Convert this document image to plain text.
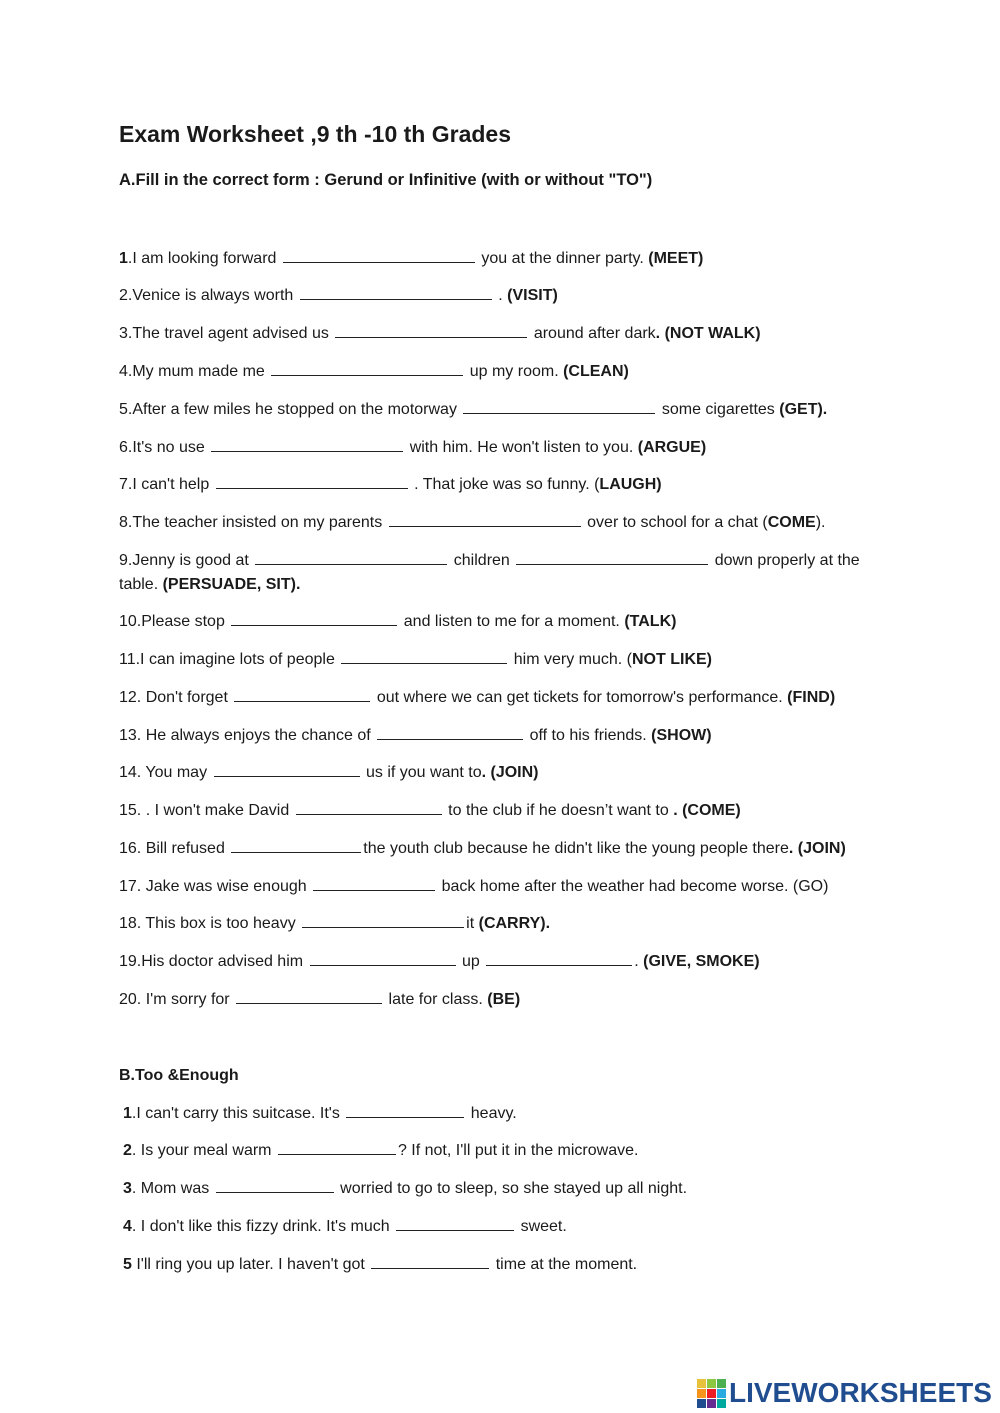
Exam Worksheet ,9 th -10 th Grades
A.Fill in the correct form : Gerund or Infinitive (with or without "TO")
1.I am looking forward	you at the dinner party. (MEET)
2.Venice is always worth	. (VISIT)
3.The travel agent advised us	around after dark. (NOT WALK)
4.My mum made me	up my room. (CLEAN)
5.After a few miles he stopped on the motorway	some cigarettes (GET).
6.It's no use	with him. He won't listen to you. (ARGUE)
7.I can't help	. That joke was so funny. (LAUGH)
8.The teacher insisted on my parents	over to school for a chat (COME).
9.Jenny is good at	children	down properly at the table. (PERSUADE, SIT).
10.Please stop	and listen to me for a moment. (TALK)
11.I can imagine lots of people	him very much. (NOT LIKE)
12. Don't forget	out where we can get tickets for tomorrow's performance. (FIND)
13. He always enjoys the chance of	off to his friends. (SHOW)
14. You may	us if you want to. (JOIN)
15. . I won't make David	to the club if he doesn’t want to . (COME)
16. Bill refused	the youth club because he didn't like the young people there. (JOIN)
17. Jake was wise enough	back home after the weather had become worse. (GO)
18. This box is too heavy	it (CARRY).
19.His doctor advised him	up	. (GIVE, SMOKE)
20. I'm sorry for	late for class. (BE)
B.Too &Enough
1.I can't carry this suitcase. It's	heavy.
2. Is your meal warm	? If not, I'll put it in the microwave.
3. Mom was	worried to go to sleep, so she stayed up all night.
4. I don't like this fizzy drink. It's much	sweet.
5 I'll ring you up later. I haven't got	time at the moment.
LIVEWORKSHEETS
